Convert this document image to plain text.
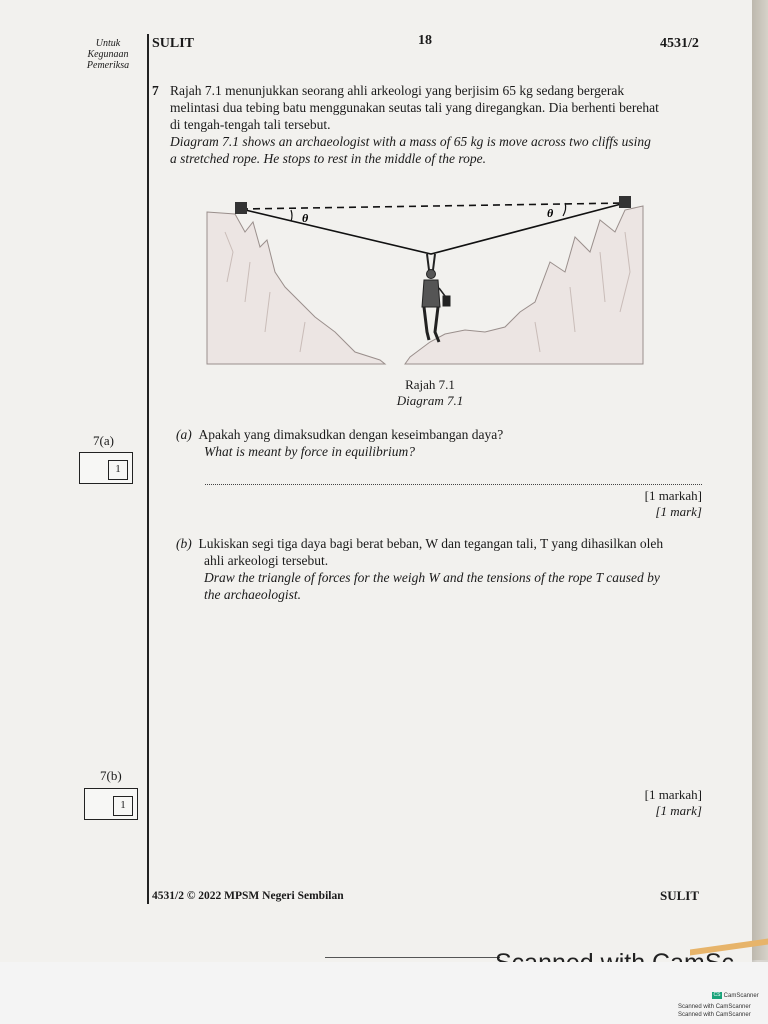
Untuk
Kegunaan
Pemeriksa
SULIT	18	4531/2
7 Rajah 7.1 menunjukkan seorang ahli arkeologi yang berjisim 65 kg sedang bergerak
melintasi dua tebing batu menggunakan seutas tali yang diregangkan. Dia berhenti berehat
di tengah-tengah tali tersebut.
Diagram 7.1 shows an archaeologist with a mass of 65 kg is move across two cliffs using
a stretched rope. He stops to rest in the middle of the rope.
θ	θ
Rajah 7.1
Diagram 7.1
7(a)
1
(a) Apakah yang dimaksudkan dengan keseimbangan daya?
What is meant by force in equilibrium?
[1 markah]
[1 mark]
(b) Lukiskan segi tiga daya bagi berat beban, W dan tegangan tali, T yang dihasilkan oleh
ahli arkeologi tersebut.
Draw the triangle of forces for the weigh W and the tensions of the rope T caused by
the archaeologist.
7(b)
1
[1 markah]
[1 mark]
4531/2 © 2022 MPSM Negeri Sembilan	SULIT
CS CamScanner
Scanned with CamScanner
Scanned with CamScanner
